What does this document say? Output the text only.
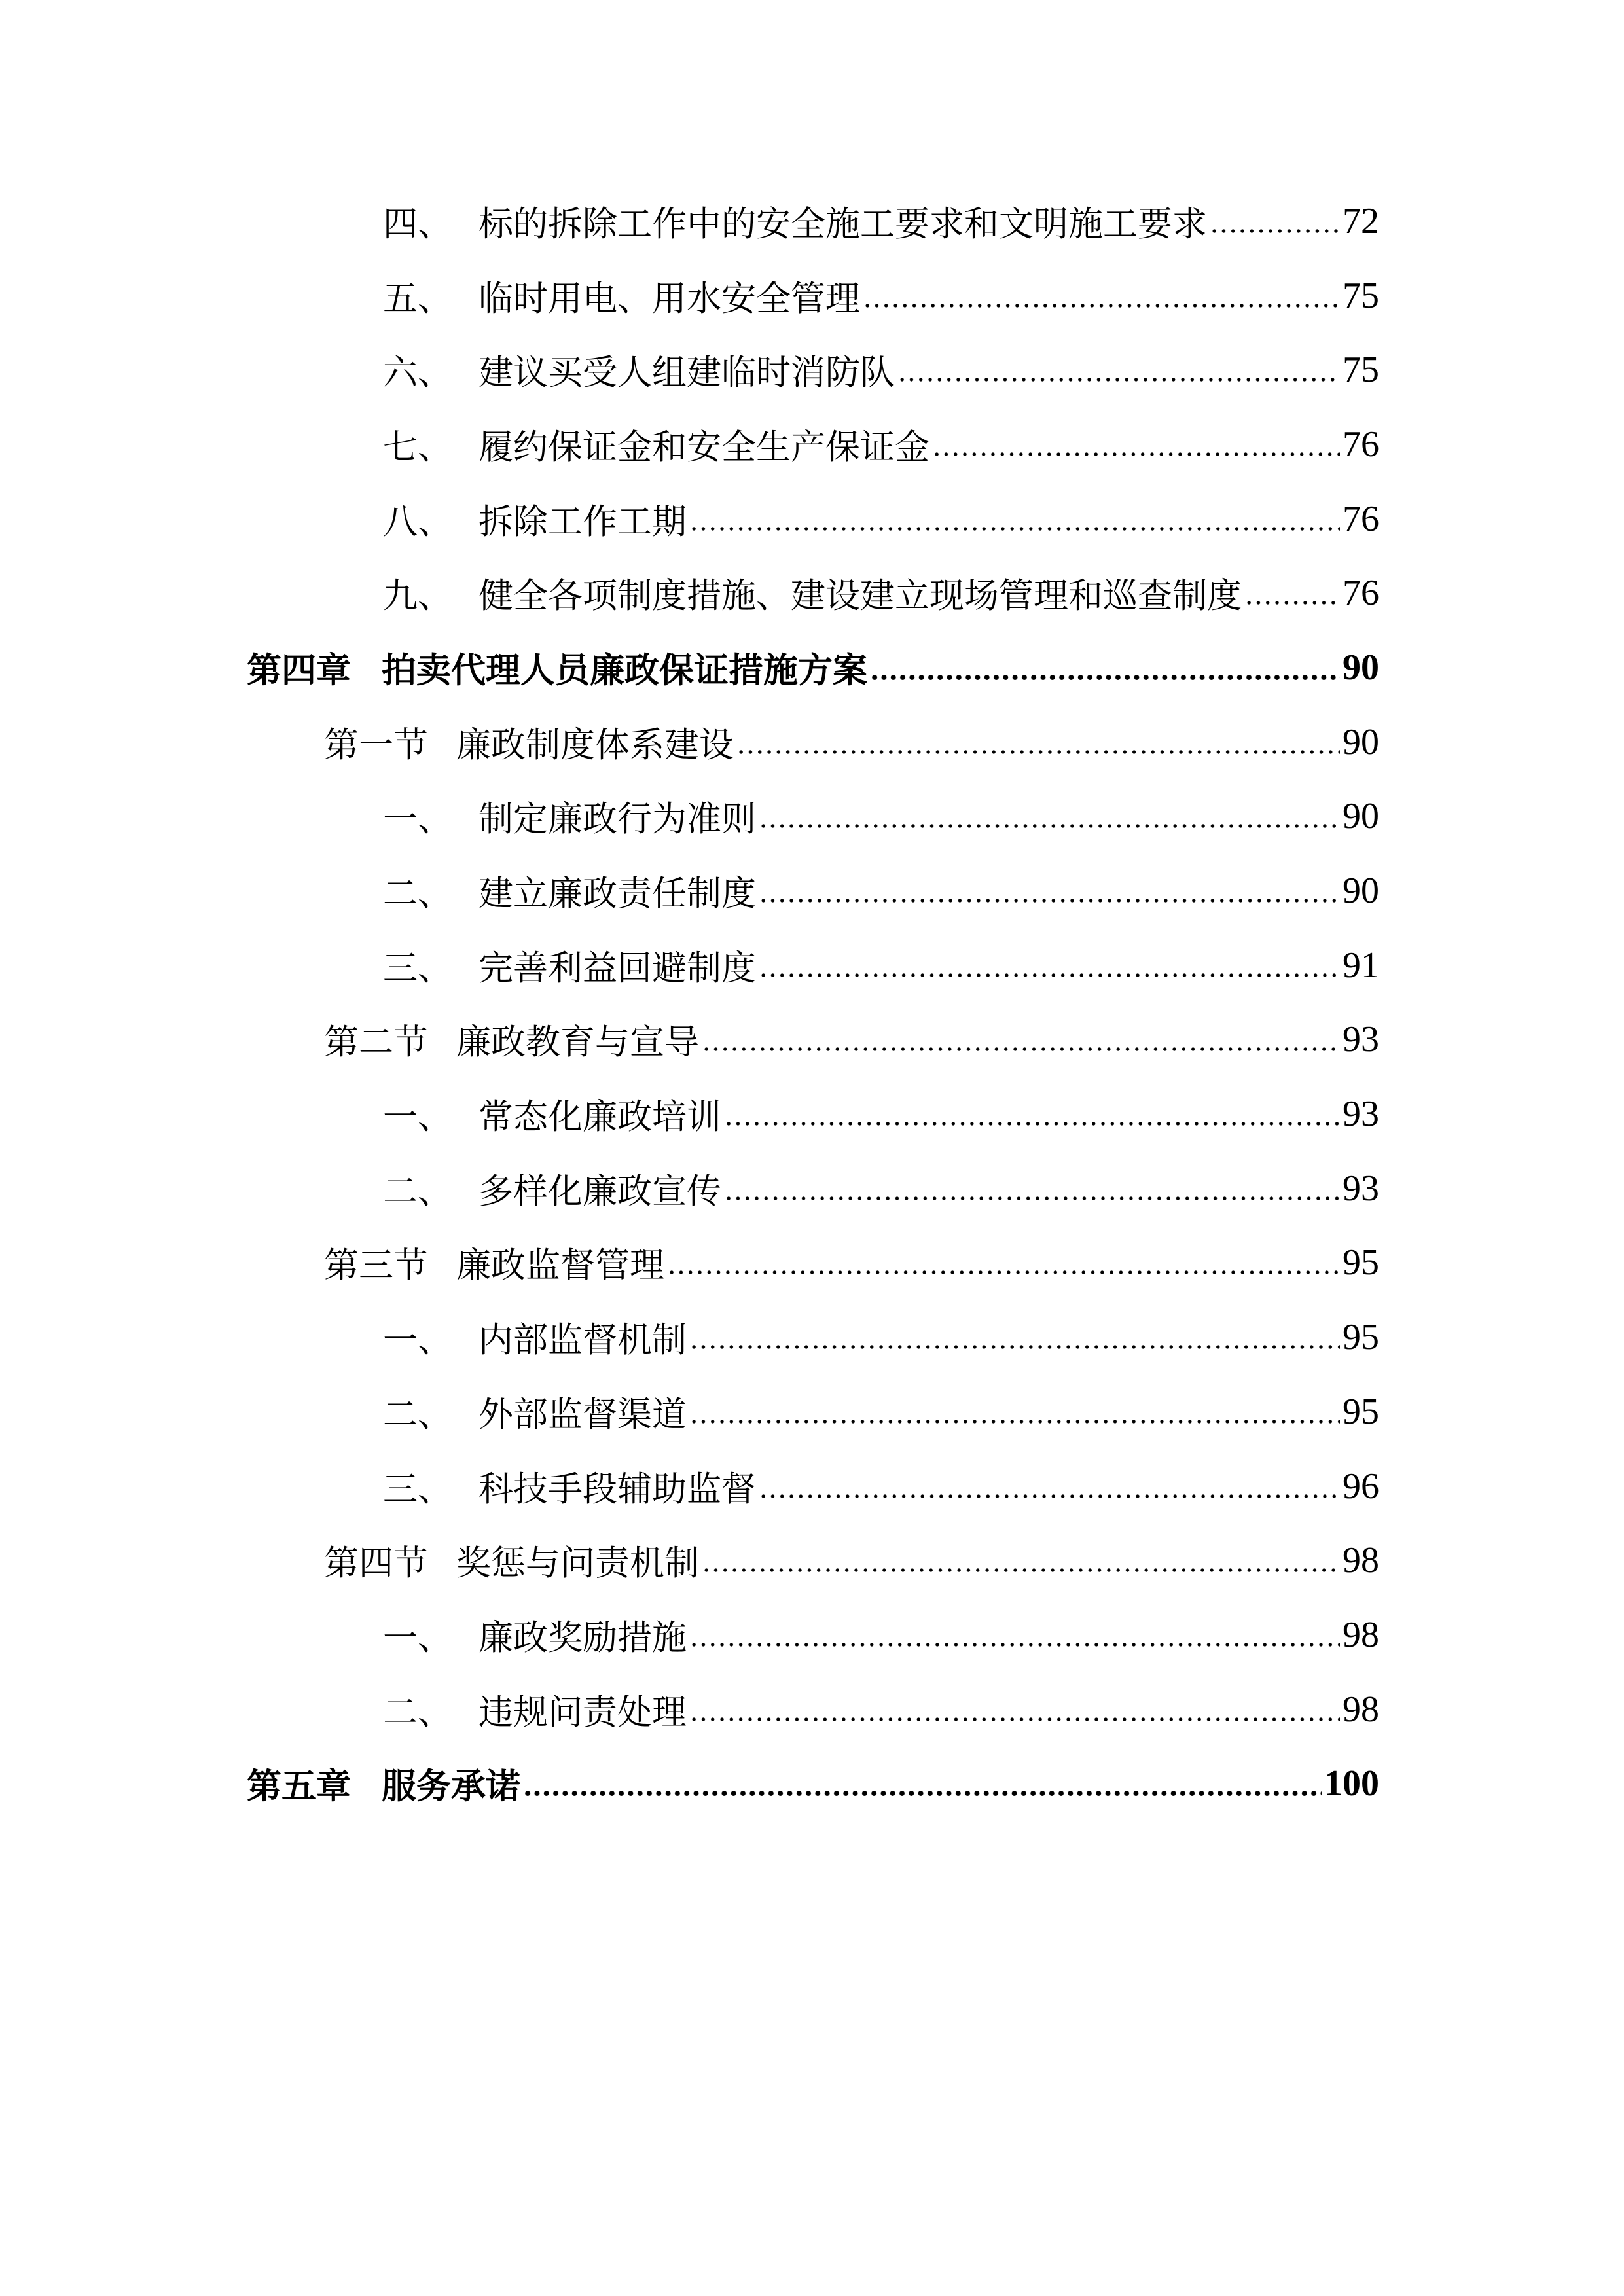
四、 标的拆除工作中的安全施工要求和文明施工要求	72
五、 临时用电、用水安全管理	75
六、 建议买受人组建临时消防队	75
七、 履约保证金和安全生产保证金	76
八、 拆除工作工期	76
九、 健全各项制度措施、建设建立现场管理和巡查制度	76
第四章 拍卖代理人员廉政保证措施方案	90
第一节 廉政制度体系建设	90
一、 制定廉政行为准则	90
二、 建立廉政责任制度	90
三、 完善利益回避制度	91
第二节 廉政教育与宣导	93
一、 常态化廉政培训	93
二、 多样化廉政宣传	93
第三节 廉政监督管理	95
一、 内部监督机制	95
二、 外部监督渠道	95
三、 科技手段辅助监督	96
第四节 奖惩与问责机制	98
一、 廉政奖励措施	98
二、 违规问责处理	98
第五章 服务承诺	100
